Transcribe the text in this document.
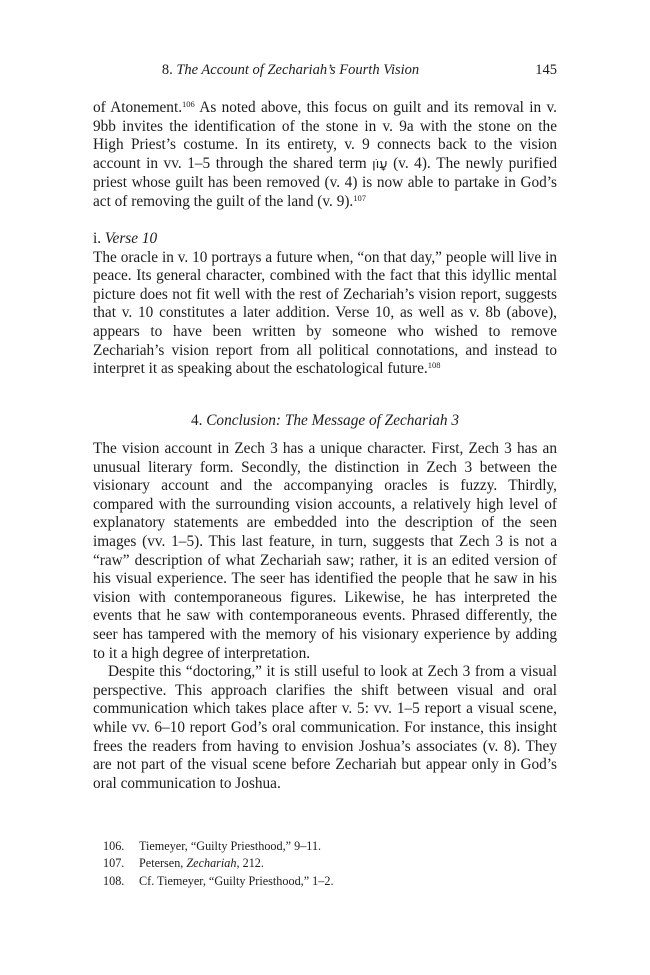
8. The Account of Zechariah’s Fourth Vision	145

of Atonement.$^{106}$ As noted above, this focus on guilt and its removal in v. 9bb invites the identification of the stone in v. 9a with the stone on the High Priest’s costume. In its entirety, v. 9 connects back to the vision account in vv. 1–5 through the shared term עָוֹן (v. 4). The newly purified priest whose guilt has been removed (v. 4) is now able to partake in God’s act of removing the guilt of the land (v. 9).$^{107}$

i. Verse 10

The oracle in v. 10 portrays a future when, “on that day,” people will live in peace. Its general character, combined with the fact that this idyllic mental picture does not fit well with the rest of Zechariah’s vision report, suggests that v. 10 constitutes a later addition. Verse 10, as well as v. 8b (above), appears to have been written by someone who wished to remove Zechariah’s vision report from all political connotations, and instead to interpret it as speaking about the eschatological future.$^{108}$

4. Conclusion: The Message of Zechariah 3

The vision account in Zech 3 has a unique character. First, Zech 3 has an unusual literary form. Secondly, the distinction in Zech 3 between the visionary account and the accompanying oracles is fuzzy. Thirdly, compared with the surrounding vision accounts, a relatively high level of explanatory statements are embedded into the description of the seen images (vv. 1–5). This last feature, in turn, suggests that Zech 3 is not a “raw” description of what Zechariah saw; rather, it is an edited version of his visual experience. The seer has identified the people that he saw in his vision with contemporaneous figures. Likewise, he has interpreted the events that he saw with contemporaneous events. Phrased differently, the seer has tampered with the memory of his visionary experience by adding to it a high degree of interpretation.

Despite this “doctoring,” it is still useful to look at Zech 3 from a visual perspective. This approach clarifies the shift between visual and oral communication which takes place after v. 5: vv. 1–5 report a visual scene, while vv. 6–10 report God’s oral communication. For instance, this insight frees the readers from having to envision Joshua’s associates (v. 8). They are not part of the visual scene before Zechariah but appear only in God’s oral communication to Joshua.

106.	Tiemeyer, “Guilty Priesthood,” 9–11.
107.	Petersen, Zechariah, 212.
108.	Cf. Tiemeyer, “Guilty Priesthood,” 1–2.
